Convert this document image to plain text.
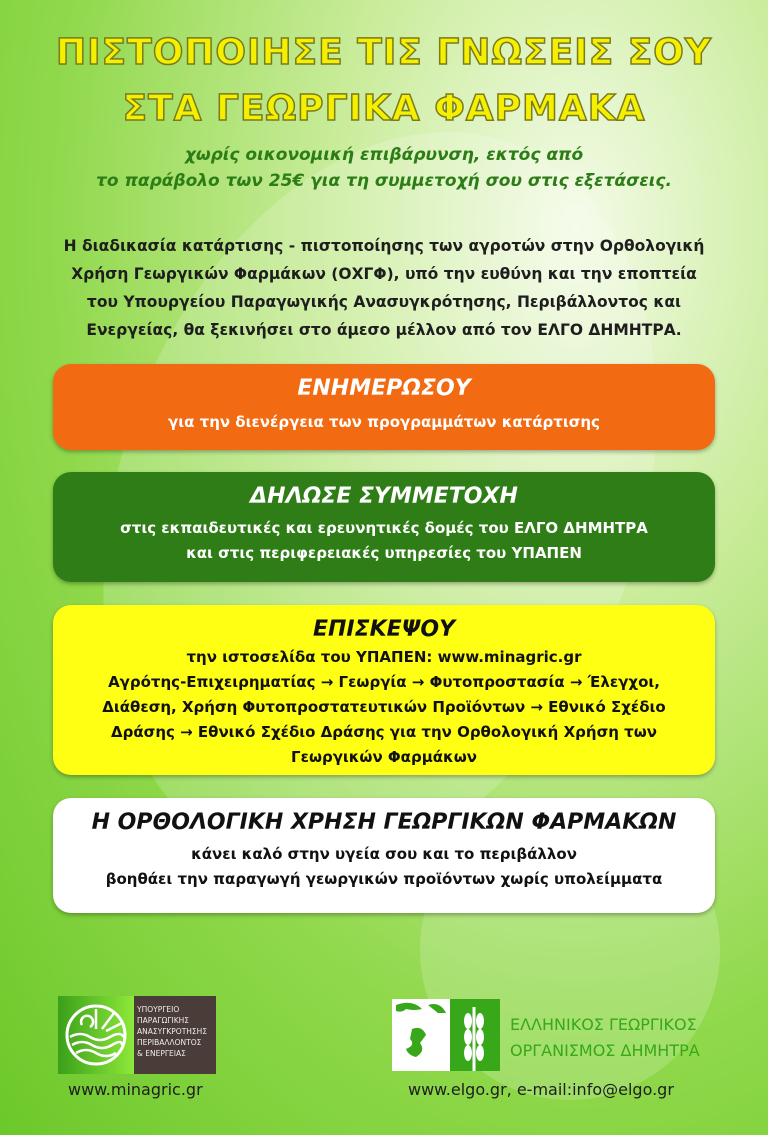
ΠΙΣΤΟΠΟΙΗΣΕ ΤΙΣ ΓΝΩΣΕΙΣ ΣΟΥ
ΣΤΑ ΓΕΩΡΓΙΚΑ ΦΑΡΜΑΚΑ
χωρίς οικονομική επιβάρυνση, εκτός από
το παράβολο των 25€ για τη συμμετοχή σου στις εξετάσεις.
Η διαδικασία κατάρτισης - πιστοποίησης των αγροτών στην Ορθολογική
Χρήση Γεωργικών Φαρμάκων (ΟΧΓΦ), υπό την ευθύνη και την εποπτεία
του Υπουργείου Παραγωγικής Ανασυγκρότησης, Περιβάλλοντος και
Ενεργείας, θα ξεκινήσει στο άμεσο μέλλον από τον ΕΛΓΟ ΔΗΜΗΤΡΑ.
ΕΝΗΜΕΡΩΣΟΥ

για την διενέργεια των προγραμμάτων κατάρτισης

ΔΗΛΩΣΕ ΣΥΜΜΕΤΟΧΗ

στις εκπαιδευτικές και ερευνητικές δομές του ΕΛΓΟ ΔΗΜΗΤΡΑ

και στις περιφερειακές υπηρεσίες του ΥΠΑΠΕΝ

ΕΠΙΣΚΕΨΟΥ

την ιστοσελίδα του ΥΠΑΠΕΝ: www.minagric.gr

Αγρότης-Επιχειρηματίας → Γεωργία → Φυτοπροστασία → Έλεγχοι,

Διάθεση, Χρήση Φυτοπροστατευτικών Προϊόντων → Εθνικό Σχέδιο

Δράσης → Εθνικό Σχέδιο Δράσης για την Ορθολογική Χρήση των

Γεωργικών Φαρμάκων

Η ΟΡΘΟΛΟΓΙΚΗ ΧΡΗΣΗ ΓΕΩΡΓΙΚΩΝ ΦΑΡΜΑΚΩΝ

κάνει καλό στην υγεία σου και το περιβάλλον

βοηθάει την παραγωγή γεωργικών προϊόντων χωρίς υπολείμματα

ΥΠΟΥΡΓΕΙΟ
ΠΑΡΑΓΩΓΙΚΗΣ
ΑΝΑΣΥΓΚΡΟΤΗΣΗΣ
ΠΕΡΙΒΑΛΛΟΝΤΟΣ
& ΕΝΕΡΓΕΙΑΣ
www.minagric.gr
ΕΛΛΗΝΙΚΟΣ ΓΕΩΡΓΙΚΟΣ
ΟΡΓΑΝΙΣΜΟΣ ΔΗΜΗΤΡΑ
www.elgo.gr, e-mail:info@elgo.gr
